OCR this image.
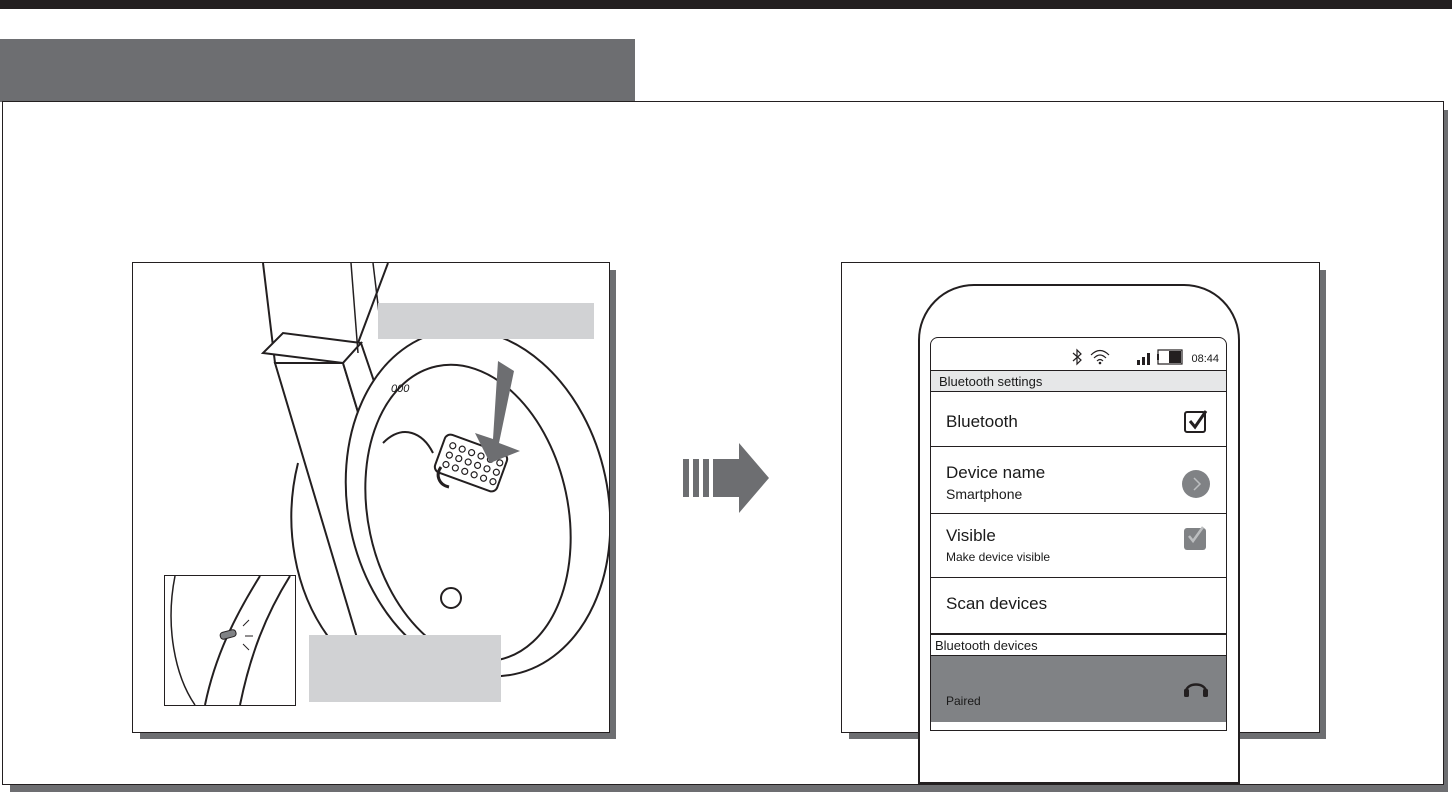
000
08:44
Bluetooth settings
Bluetooth
Device name
Smartphone
Visible
Make device visible
Scan devices
Bluetooth devices
Paired
